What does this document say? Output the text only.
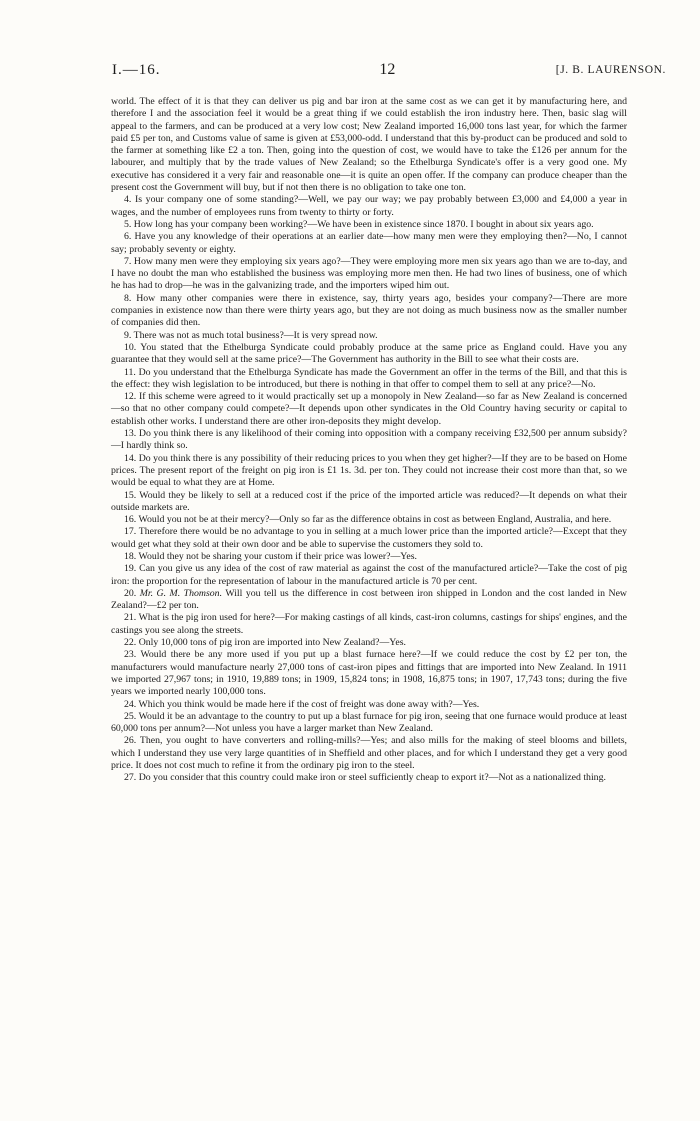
I.—16.	12	[J. B. LAURENSON.

world. The effect of it is that they can deliver us pig and bar iron at the same cost as we can get it by manufacturing here, and therefore I and the association feel it would be a great thing if we could establish the iron industry here. Then, basic slag will appeal to the farmers, and can be produced at a very low cost; New Zealand imported 16,000 tons last year, for which the farmer paid £5 per ton, and Customs value of same is given at £53,000-odd. I understand that this by-product can be produced and sold to the farmer at something like £2 a ton. Then, going into the question of cost, we would have to take the £126 per annum for the labourer, and multiply that by the trade values of New Zealand; so the Ethelburga Syndicate's offer is a very good one. My executive has considered it a very fair and reasonable one—it is quite an open offer. If the company can produce cheaper than the present cost the Government will buy, but if not then there is no obligation to take one ton.

4. Is your company one of some standing?—Well, we pay our way; we pay probably between £3,000 and £4,000 a year in wages, and the number of employees runs from twenty to thirty or forty.

5. How long has your company been working?—We have been in existence since 1870. I bought in about six years ago.

6. Have you any knowledge of their operations at an earlier date—how many men were they employing then?—No, I cannot say; probably seventy or eighty.

7. How many men were they employing six years ago?—They were employing more men six years ago than we are to-day, and I have no doubt the man who established the business was employing more men then. He had two lines of business, one of which he has had to drop—he was in the galvanizing trade, and the importers wiped him out.

8. How many other companies were there in existence, say, thirty years ago, besides your company?—There are more companies in existence now than there were thirty years ago, but they are not doing as much business now as the smaller number of companies did then.

9. There was not as much total business?—It is very spread now.

10. You stated that the Ethelburga Syndicate could probably produce at the same price as England could. Have you any guarantee that they would sell at the same price?—The Government has authority in the Bill to see what their costs are.

11. Do you understand that the Ethelburga Syndicate has made the Government an offer in the terms of the Bill, and that this is the effect: they wish legislation to be introduced, but there is nothing in that offer to compel them to sell at any price?—No.

12. If this scheme were agreed to it would practically set up a monopoly in New Zealand—so far as New Zealand is concerned—so that no other company could compete?—It depends upon other syndicates in the Old Country having security or capital to establish other works. I understand there are other iron-deposits they might develop.

13. Do you think there is any likelihood of their coming into opposition with a company receiving £32,500 per annum subsidy?—I hardly think so.

14. Do you think there is any possibility of their reducing prices to you when they get higher?—If they are to be based on Home prices. The present report of the freight on pig iron is £1 1s. 3d. per ton. They could not increase their cost more than that, so we would be equal to what they are at Home.

15. Would they be likely to sell at a reduced cost if the price of the imported article was reduced?—It depends on what their outside markets are.

16. Would you not be at their mercy?—Only so far as the difference obtains in cost as between England, Australia, and here.

17. Therefore there would be no advantage to you in selling at a much lower price than the imported article?—Except that they would get what they sold at their own door and be able to supervise the customers they sold to.

18. Would they not be sharing your custom if their price was lower?—Yes.

19. Can you give us any idea of the cost of raw material as against the cost of the manufactured article?—Take the cost of pig iron: the proportion for the representation of labour in the manufactured article is 70 per cent.

20. Mr. G. M. Thomson. Will you tell us the difference in cost between iron shipped in London and the cost landed in New Zealand?—£2 per ton.

21. What is the pig iron used for here?—For making castings of all kinds, cast-iron columns, castings for ships' engines, and the castings you see along the streets.

22. Only 10,000 tons of pig iron are imported into New Zealand?—Yes.

23. Would there be any more used if you put up a blast furnace here?—If we could reduce the cost by £2 per ton, the manufacturers would manufacture nearly 27,000 tons of cast-iron pipes and fittings that are imported into New Zealand. In 1911 we imported 27,967 tons; in 1910, 19,889 tons; in 1909, 15,824 tons; in 1908, 16,875 tons; in 1907, 17,743 tons; during the five years we imported nearly 100,000 tons.

24. Which you think would be made here if the cost of freight was done away with?—Yes.

25. Would it be an advantage to the country to put up a blast furnace for pig iron, seeing that one furnace would produce at least 60,000 tons per annum?—Not unless you have a larger market than New Zealand.

26. Then, you ought to have converters and rolling-mills?—Yes; and also mills for the making of steel blooms and billets, which I understand they use very large quantities of in Sheffield and other places, and for which I understand they get a very good price. It does not cost much to refine it from the ordinary pig iron to the steel.

27. Do you consider that this country could make iron or steel sufficiently cheap to export it?—Not as a nationalized thing.
